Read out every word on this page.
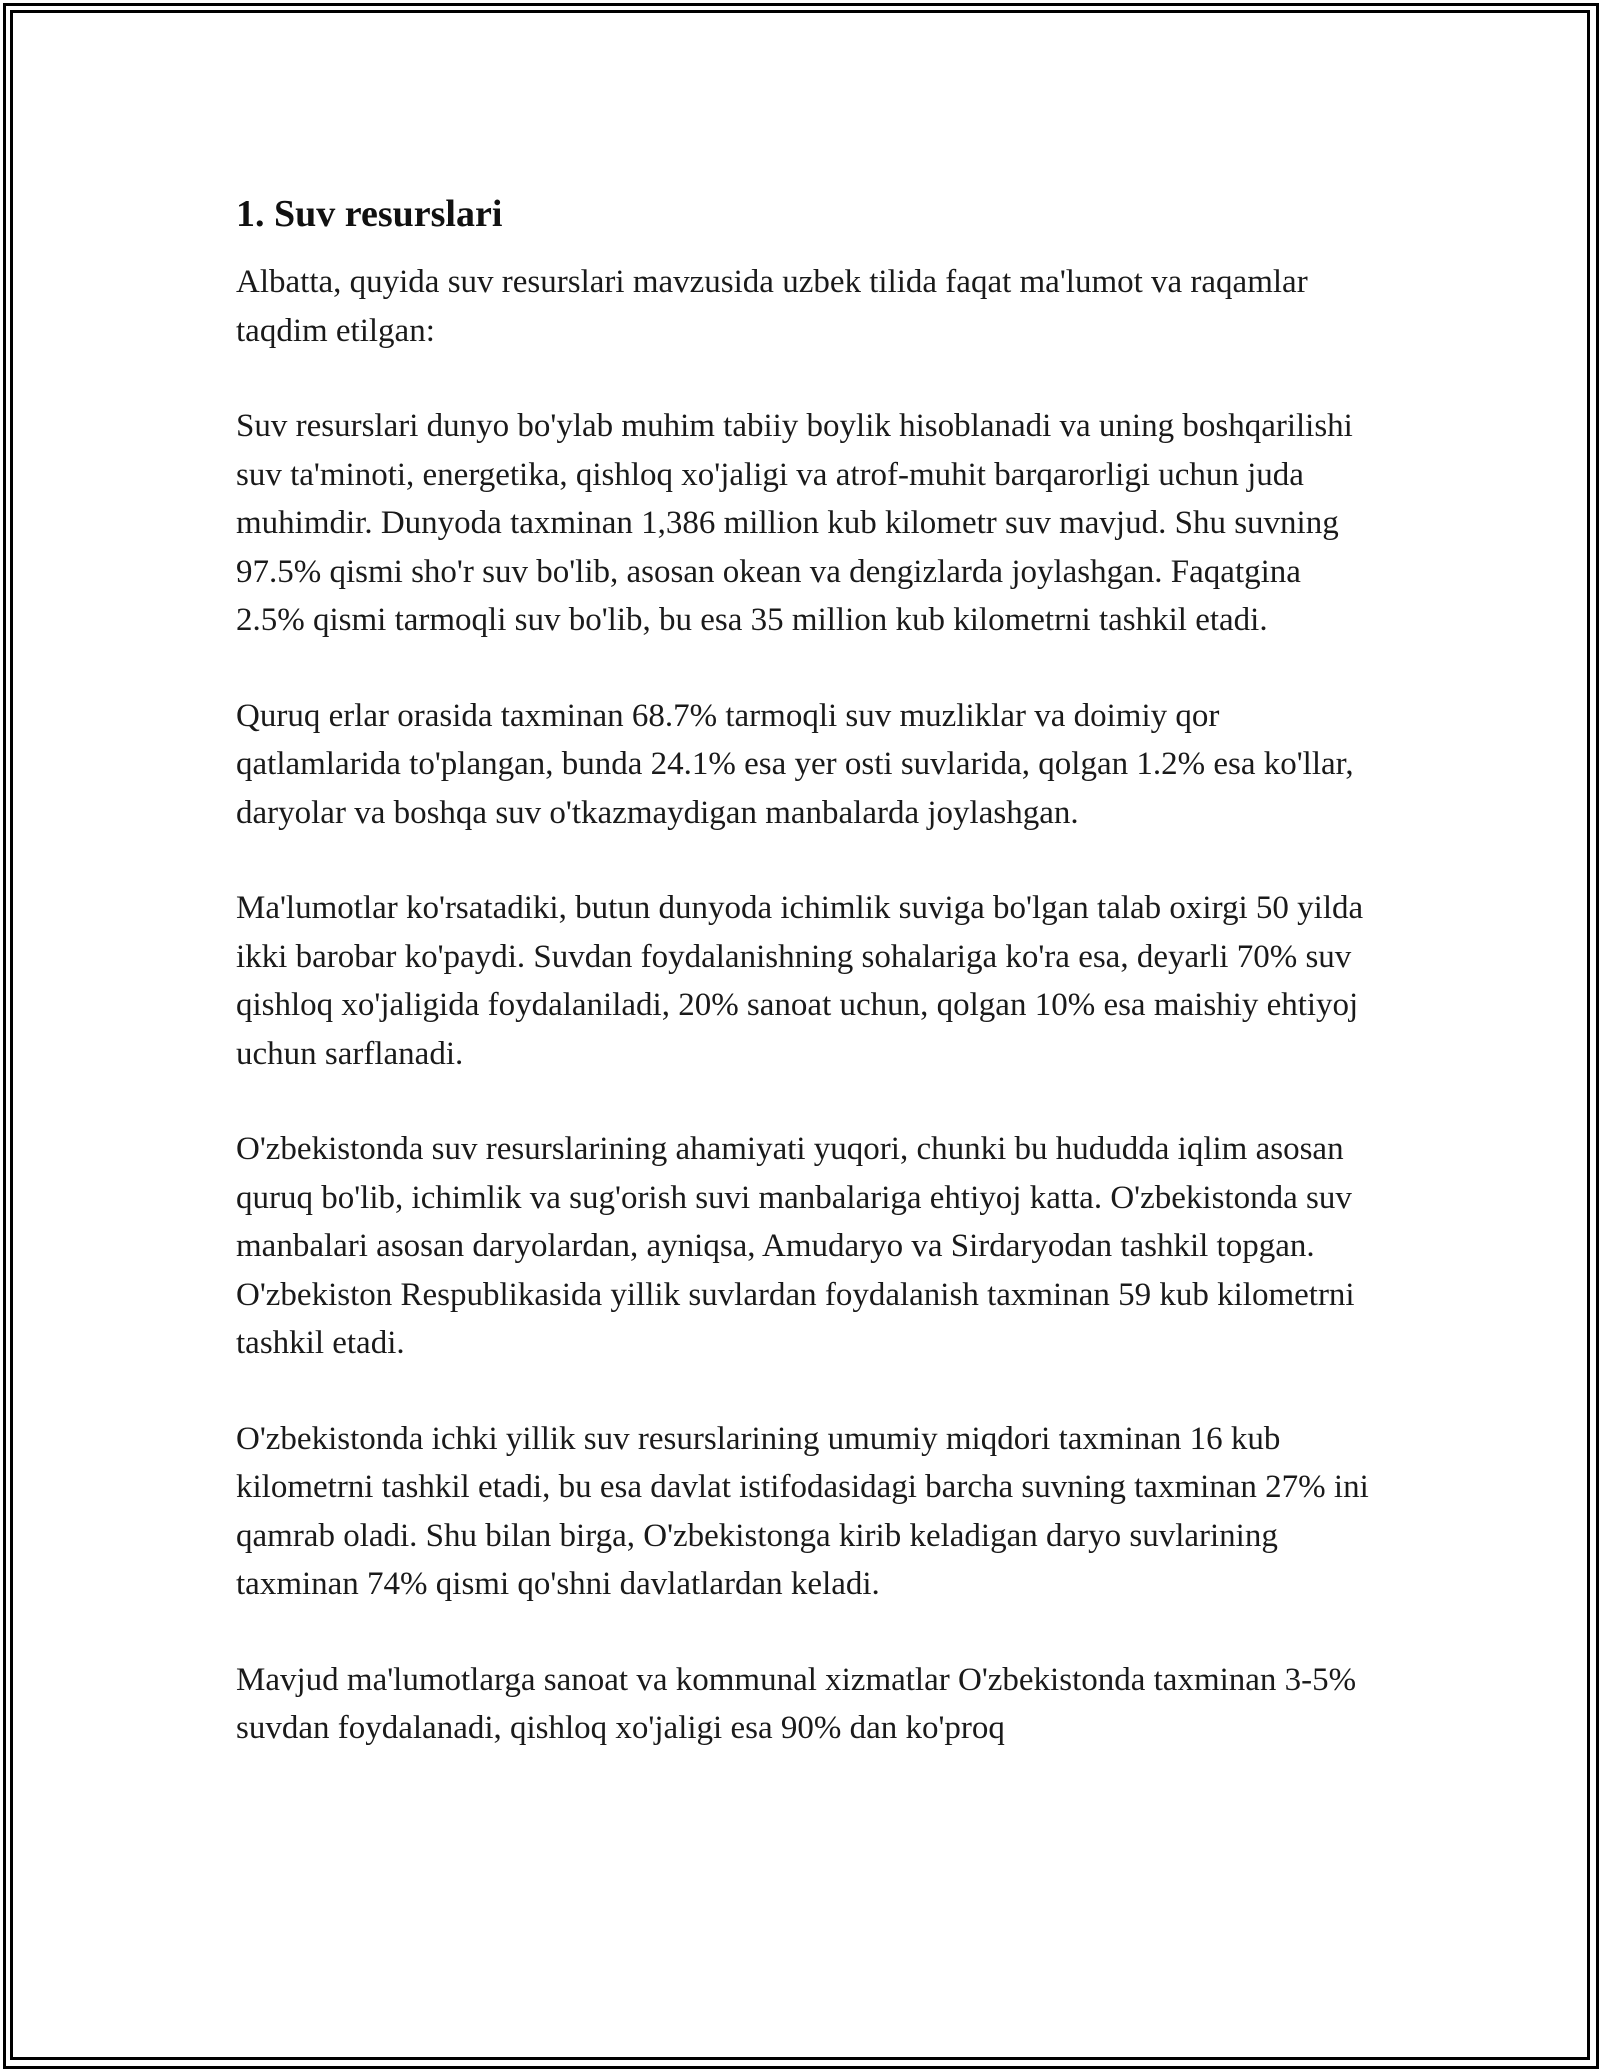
1. Suv resurslari

Albatta, quyida suv resurslari mavzusida uzbek tilida faqat ma'lumot va raqamlar taqdim etilgan:

Suv resurslari dunyo bo'ylab muhim tabiiy boylik hisoblanadi va uning boshqarilishi suv ta'minoti, energetika, qishloq xo'jaligi va atrof-muhit barqarorligi uchun juda muhimdir. Dunyoda taxminan 1,386 million kub kilometr suv mavjud. Shu suvning 97.5% qismi sho'r suv bo'lib, asosan okean va dengizlarda joylashgan. Faqatgina 2.5% qismi tarmoqli suv bo'lib, bu esa 35 million kub kilometrni tashkil etadi.

Quruq erlar orasida taxminan 68.7% tarmoqli suv muzliklar va doimiy qor qatlamlarida to'plangan, bunda 24.1% esa yer osti suvlarida, qolgan 1.2% esa ko'llar, daryolar va boshqa suv o'tkazmaydigan manbalarda joylashgan.

Ma'lumotlar ko'rsatadiki, butun dunyoda ichimlik suviga bo'lgan talab oxirgi 50 yilda ikki barobar ko'paydi. Suvdan foydalanishning sohalariga ko'ra esa, deyarli 70% suv qishloq xo'jaligida foydalaniladi, 20% sanoat uchun, qolgan 10% esa maishiy ehtiyoj uchun sarflanadi.

O'zbekistonda suv resurslarining ahamiyati yuqori, chunki bu hududda iqlim asosan quruq bo'lib, ichimlik va sug'orish suvi manbalariga ehtiyoj katta. O'zbekistonda suv manbalari asosan daryolardan, ayniqsa, Amudaryo va Sirdaryodan tashkil topgan. O'zbekiston Respublikasida yillik suvlardan foydalanish taxminan 59 kub kilometrni tashkil etadi.

O'zbekistonda ichki yillik suv resurslarining umumiy miqdori taxminan 16 kub kilometrni tashkil etadi, bu esa davlat istifodasidagi barcha suvning taxminan 27% ini qamrab oladi. Shu bilan birga, O'zbekistonga kirib keladigan daryo suvlarining taxminan 74% qismi qo'shni davlatlardan keladi.

Mavjud ma'lumotlarga sanoat va kommunal xizmatlar O'zbekistonda taxminan 3-5% suvdan foydalanadi, qishloq xo'jaligi esa 90% dan ko'proq
